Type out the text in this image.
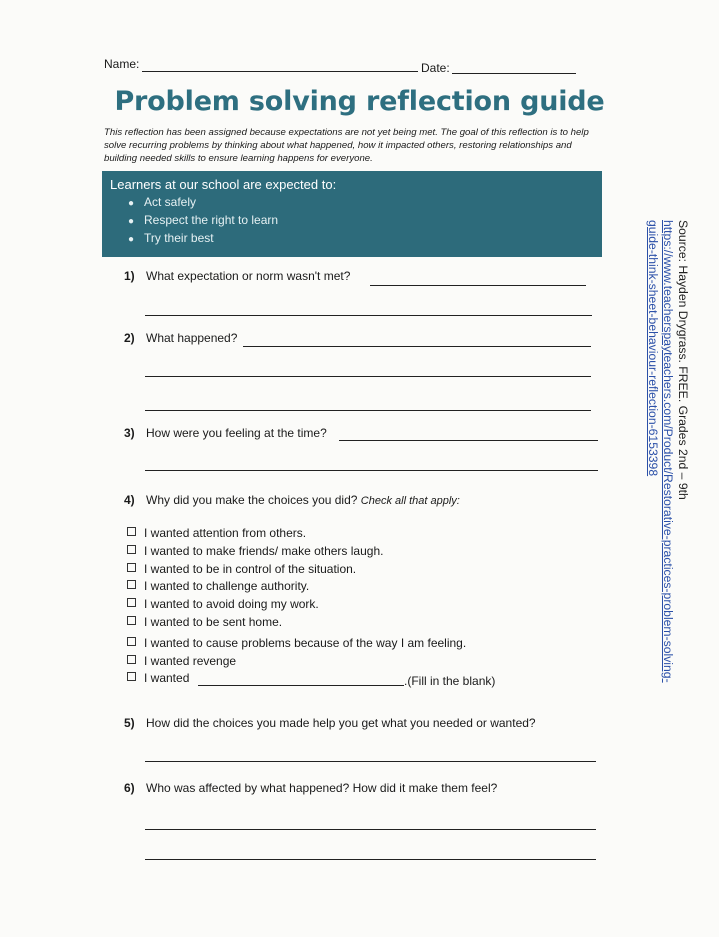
Name:	Date:
Problem solving reflection guide
This reflection has been assigned because expectations are not yet being met. The goal of this reflection is to help solve recurring problems by thinking about what happened, how it impacted others, restoring relationships and building needed skills to ensure learning happens for everyone.
Learners at our school are expected to:
● Act safely
● Respect the right to learn
● Try their best
1) What expectation or norm wasn't met?
2) What happened?
3) How were you feeling at the time?
4) Why did you make the choices you did? Check all that apply:
I wanted attention from others.
I wanted to make friends/ make others laugh.
I wanted to be in control of the situation.
I wanted to challenge authority.
I wanted to avoid doing my work.
I wanted to be sent home.
I wanted to cause problems because of the way I am feeling.
I wanted revenge
I wanted	.(Fill in the blank)
5) How did the choices you made help you get what you needed or wanted?
6) Who was affected by what happened? How did it make them feel?
Source: Hayden Drygrass. FREE. Grades 2nd – 9th
https://www.teacherspayteachers.com/Product/Restorative-practices-problem-solving-
guide-think-sheet-behaviour-reflection-6153398
